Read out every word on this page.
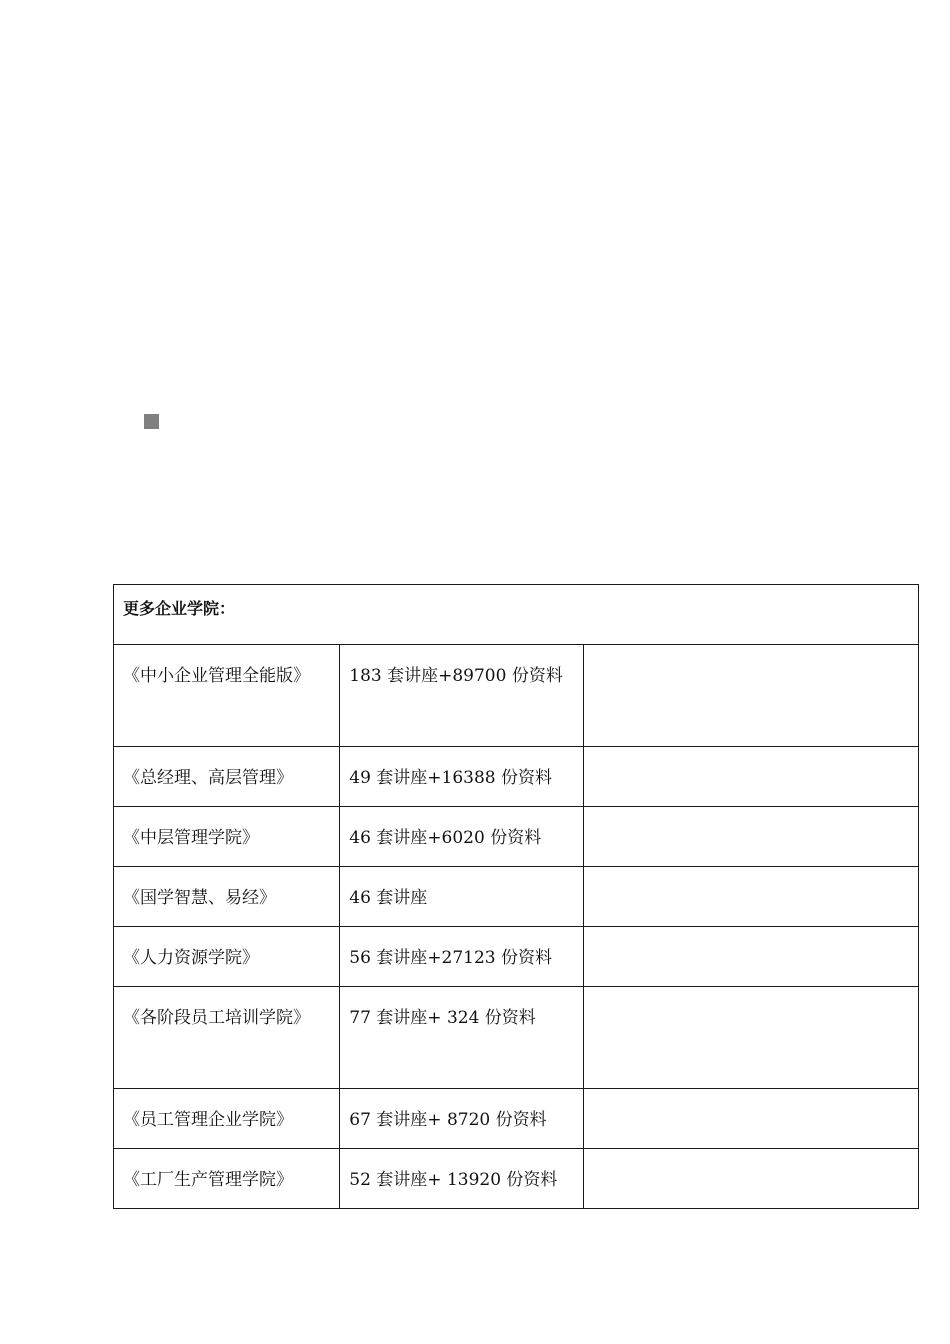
更多企业学院：		
《中小企业管理全能版》	183 套讲座+89700 份资料	
《总经理、高层管理》	49 套讲座+16388 份资料	
《中层管理学院》	46 套讲座+6020 份资料	
《国学智慧、易经》	46 套讲座	
《人力资源学院》	56 套讲座+27123 份资料	
《各阶段员工培训学院》	77 套讲座+ 324 份资料	
《员工管理企业学院》	67 套讲座+ 8720 份资料	
《工厂生产管理学院》	52 套讲座+ 13920 份资料	
